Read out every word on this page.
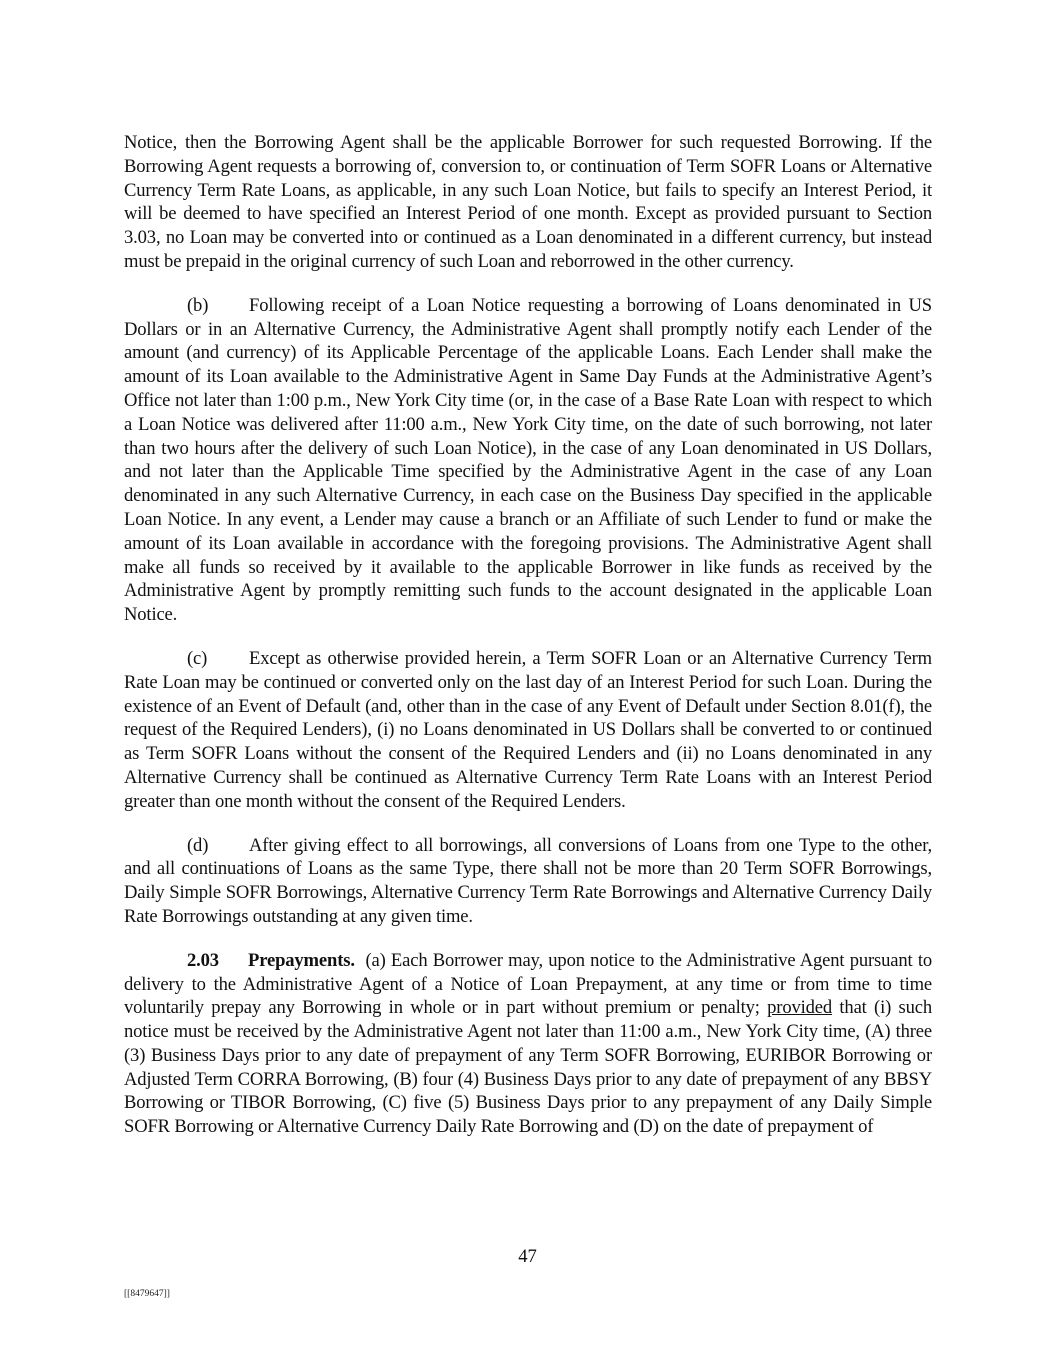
Notice, then the Borrowing Agent shall be the applicable Borrower for such requested Borrowing. If the Borrowing Agent requests a borrowing of, conversion to, or continuation of Term SOFR Loans or Alternative Currency Term Rate Loans, as applicable, in any such Loan Notice, but fails to specify an Interest Period, it will be deemed to have specified an Interest Period of one month. Except as provided pursuant to Section 3.03, no Loan may be converted into or continued as a Loan denominated in a different currency, but instead must be prepaid in the original currency of such Loan and reborrowed in the other currency.

(b) Following receipt of a Loan Notice requesting a borrowing of Loans denominated in US Dollars or in an Alternative Currency, the Administrative Agent shall promptly notify each Lender of the amount (and currency) of its Applicable Percentage of the applicable Loans. Each Lender shall make the amount of its Loan available to the Administrative Agent in Same Day Funds at the Administrative Agent’s Office not later than 1:00 p.m., New York City time (or, in the case of a Base Rate Loan with respect to which a Loan Notice was delivered after 11:00 a.m., New York City time, on the date of such borrowing, not later than two hours after the delivery of such Loan Notice), in the case of any Loan denominated in US Dollars, and not later than the Applicable Time specified by the Administrative Agent in the case of any Loan denominated in any such Alternative Currency, in each case on the Business Day specified in the applicable Loan Notice. In any event, a Lender may cause a branch or an Affiliate of such Lender to fund or make the amount of its Loan available in accordance with the foregoing provisions. The Administrative Agent shall make all funds so received by it available to the applicable Borrower in like funds as received by the Administrative Agent by promptly remitting such funds to the account designated in the applicable Loan Notice.

(c) Except as otherwise provided herein, a Term SOFR Loan or an Alternative Currency Term Rate Loan may be continued or converted only on the last day of an Interest Period for such Loan. During the existence of an Event of Default (and, other than in the case of any Event of Default under Section 8.01(f), the request of the Required Lenders), (i) no Loans denominated in US Dollars shall be converted to or continued as Term SOFR Loans without the consent of the Required Lenders and (ii) no Loans denominated in any Alternative Currency shall be continued as Alternative Currency Term Rate Loans with an Interest Period greater than one month without the consent of the Required Lenders.

(d) After giving effect to all borrowings, all conversions of Loans from one Type to the other, and all continuations of Loans as the same Type, there shall not be more than 20 Term SOFR Borrowings, Daily Simple SOFR Borrowings, Alternative Currency Term Rate Borrowings and Alternative Currency Daily Rate Borrowings outstanding at any given time.

2.03 Prepayments. (a) Each Borrower may, upon notice to the Administrative Agent pursuant to delivery to the Administrative Agent of a Notice of Loan Prepayment, at any time or from time to time voluntarily prepay any Borrowing in whole or in part without premium or penalty; provided that (i) such notice must be received by the Administrative Agent not later than 11:00 a.m., New York City time, (A) three (3) Business Days prior to any date of prepayment of any Term SOFR Borrowing, EURIBOR Borrowing or Adjusted Term CORRA Borrowing, (B) four (4) Business Days prior to any date of prepayment of any BBSY Borrowing or TIBOR Borrowing, (C) five (5) Business Days prior to any prepayment of any Daily Simple SOFR Borrowing or Alternative Currency Daily Rate Borrowing and (D) on the date of prepayment of

47
[[8479647]]
